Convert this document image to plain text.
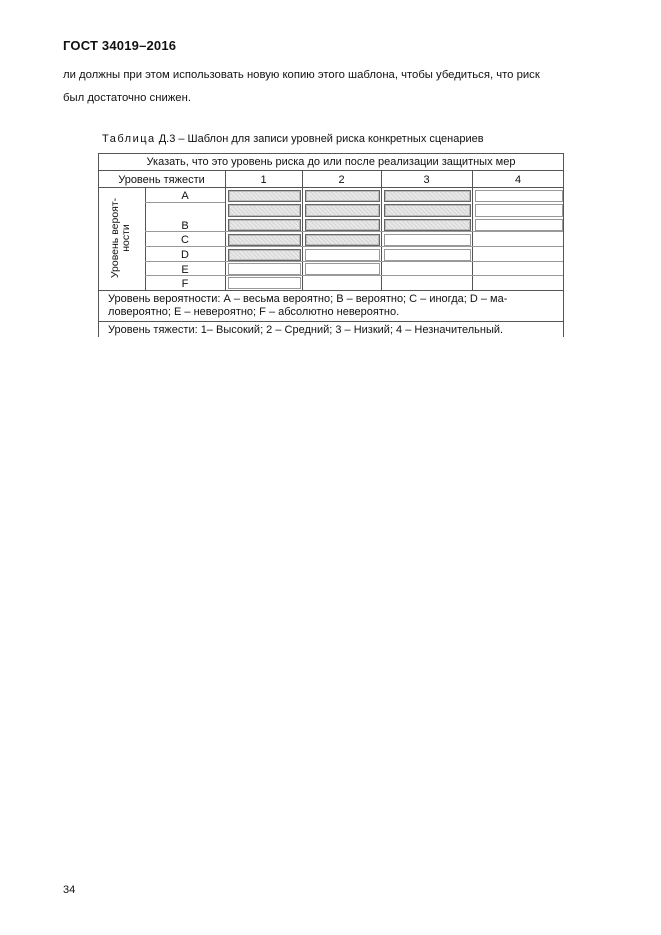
ГОСТ 34019–2016
ли должны при этом использовать новую копию этого шаблона, чтобы убедиться, что риск
был достаточно снижен.
Таблица Д.3 – Шаблон для записи уровней риска конкретных сценариев
Указать, что это уровень риска до или после реализации защитных мер
Уровень тяжести	1	2	3	4
Уровень вероят- ности
A
B
C
D
E
F
Уровень вероятности: А – весьма вероятно; В – вероятно; С – иногда; D – ма-
ловероятно; Е – невероятно; F – абсолютно невероятно.
Уровень тяжести: 1– Высокий; 2 – Средний; 3 – Низкий; 4 – Незначительный.
34
